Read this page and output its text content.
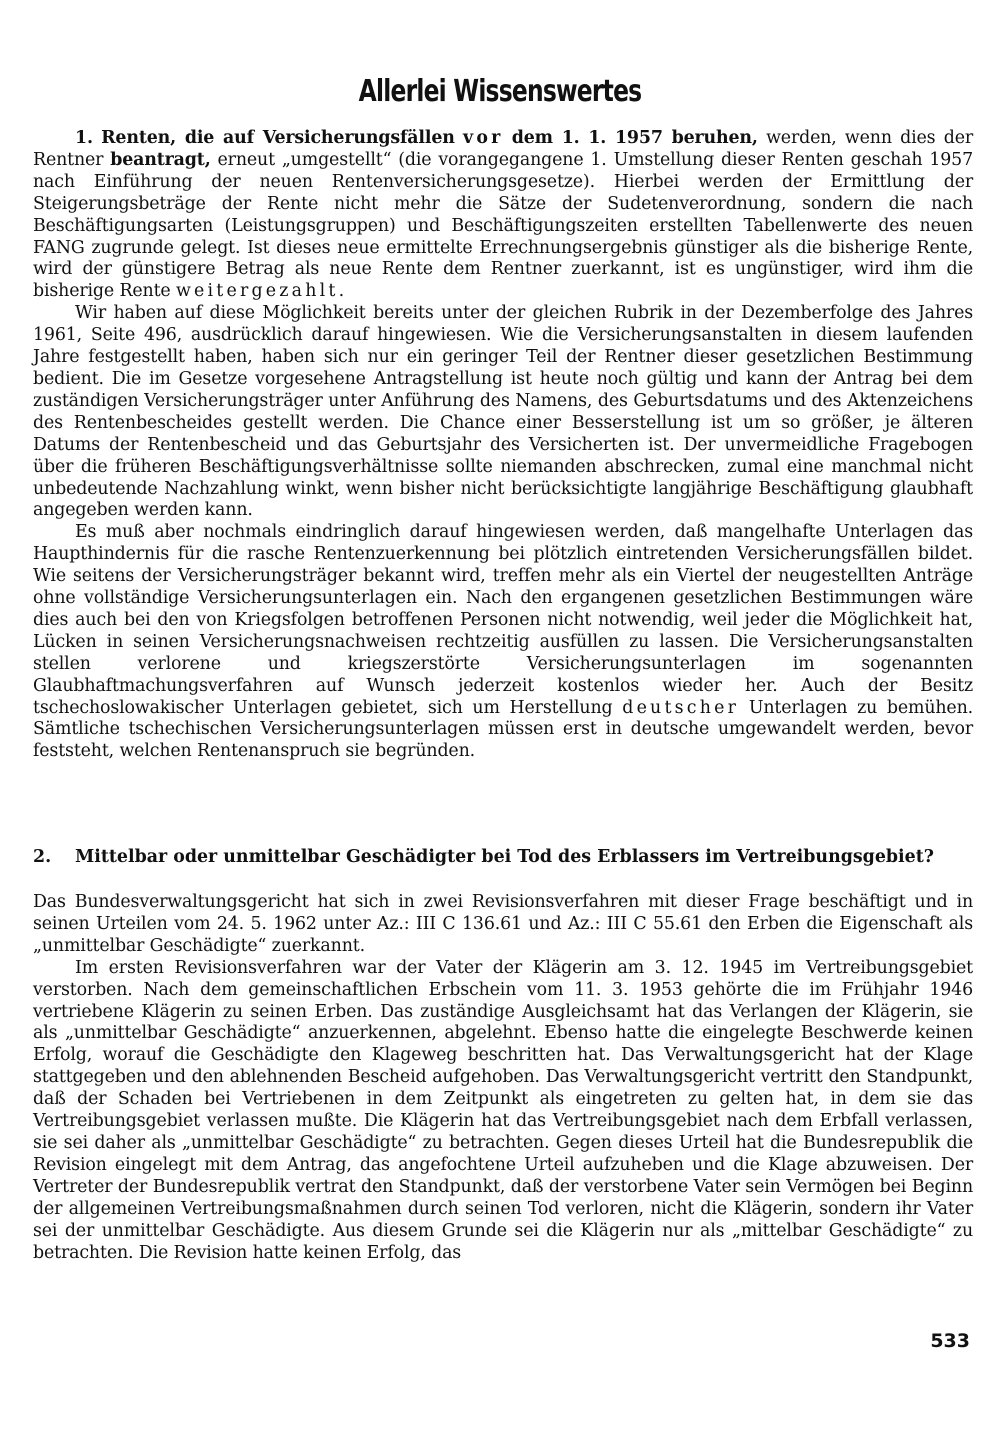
Allerlei Wissenswertes

1. Renten, die auf Versicherungsfällen vor dem 1. 1. 1957 beruhen, werden, wenn dies der Rentner beantragt, erneut „umgestellt“ (die vorangegangene 1. Umstellung dieser Renten geschah 1957 nach Einführung der neuen Rentenversicherungsgesetze). Hierbei werden der Ermittlung der Steigerungsbeträge der Rente nicht mehr die Sätze der Sudetenverordnung, sondern die nach Beschäftigungsarten (Leistungsgruppen) und Beschäftigungszeiten erstellten Tabellenwerte des neuen FANG zugrunde gelegt. Ist dieses neue ermittelte Errechnungsergebnis günstiger als die bisherige Rente, wird der günstigere Betrag als neue Rente dem Rentner zuerkannt, ist es ungünstiger, wird ihm die bisherige Rente weitergezahlt.

Wir haben auf diese Möglichkeit bereits unter der gleichen Rubrik in der Dezemberfolge des Jahres 1961, Seite 496, ausdrücklich darauf hingewiesen. Wie die Versicherungsanstalten in diesem laufenden Jahre festgestellt haben, haben sich nur ein geringer Teil der Rentner dieser gesetzlichen Bestimmung bedient. Die im Gesetze vorgesehene Antragstellung ist heute noch gültig und kann der Antrag bei dem zuständigen Versicherungsträger unter Anführung des Namens, des Geburtsdatums und des Aktenzeichens des Rentenbescheides gestellt werden. Die Chance einer Besserstellung ist um so größer, je älteren Datums der Rentenbescheid und das Geburtsjahr des Versicherten ist. Der unvermeidliche Fragebogen über die früheren Beschäftigungsverhältnisse sollte niemanden abschrecken, zumal eine manchmal nicht unbedeutende Nachzahlung winkt, wenn bisher nicht berücksichtigte langjährige Beschäftigung glaubhaft angegeben werden kann.

Es muß aber nochmals eindringlich darauf hingewiesen werden, daß mangelhafte Unterlagen das Haupthindernis für die rasche Rentenzuerkennung bei plötzlich eintretenden Versicherungsfällen bildet. Wie seitens der Versicherungsträger bekannt wird, treffen mehr als ein Viertel der neugestellten Anträge ohne vollständige Versicherungsunterlagen ein. Nach den ergangenen gesetzlichen Bestimmungen wäre dies auch bei den von Kriegsfolgen betroffenen Personen nicht notwendig, weil jeder die Möglichkeit hat, Lücken in seinen Versicherungsnachweisen rechtzeitig ausfüllen zu lassen. Die Versicherungsanstalten stellen verlorene und kriegszerstörte Versicherungsunterlagen im sogenannten Glaubhaftmachungsverfahren auf Wunsch jederzeit kostenlos wieder her. Auch der Besitz tschechoslowakischer Unterlagen gebietet, sich um Herstellung deutscher Unterlagen zu bemühen. Sämtliche tschechischen Versicherungsunterlagen müssen erst in deutsche umgewandelt werden, bevor feststeht, welchen Rentenanspruch sie begründen.

2. Mittelbar oder unmittelbar Geschädigter bei Tod des Erblassers im Vertreibungsgebiet?

Das Bundesverwaltungsgericht hat sich in zwei Revisionsverfahren mit dieser Frage beschäftigt und in seinen Urteilen vom 24. 5. 1962 unter Az.: III C 136.61 und Az.: III C 55.61 den Erben die Eigenschaft als „unmittelbar Geschädigte“ zuerkannt.

Im ersten Revisionsverfahren war der Vater der Klägerin am 3. 12. 1945 im Vertreibungsgebiet verstorben. Nach dem gemeinschaftlichen Erbschein vom 11. 3. 1953 gehörte die im Frühjahr 1946 vertriebene Klägerin zu seinen Erben. Das zuständige Ausgleichsamt hat das Verlangen der Klägerin, sie als „unmittelbar Geschädigte“ anzuerkennen, abgelehnt. Ebenso hatte die eingelegte Beschwerde keinen Erfolg, worauf die Geschädigte den Klageweg beschritten hat. Das Verwaltungsgericht hat der Klage stattgegeben und den ablehnenden Bescheid aufgehoben. Das Verwaltungsgericht vertritt den Standpunkt, daß der Schaden bei Vertriebenen in dem Zeitpunkt als eingetreten zu gelten hat, in dem sie das Vertreibungsgebiet verlassen mußte. Die Klägerin hat das Vertreibungsgebiet nach dem Erbfall verlassen, sie sei daher als „unmittelbar Geschädigte“ zu betrachten. Gegen dieses Urteil hat die Bundesrepublik die Revision eingelegt mit dem Antrag, das angefochtene Urteil aufzuheben und die Klage abzuweisen. Der Vertreter der Bundesrepublik vertrat den Standpunkt, daß der verstorbene Vater sein Vermögen bei Beginn der allgemeinen Vertreibungsmaßnahmen durch seinen Tod verloren, nicht die Klägerin, sondern ihr Vater sei der unmittelbar Geschädigte. Aus diesem Grunde sei die Klägerin nur als „mittelbar Geschädigte“ zu betrachten. Die Revision hatte keinen Erfolg, das

533
